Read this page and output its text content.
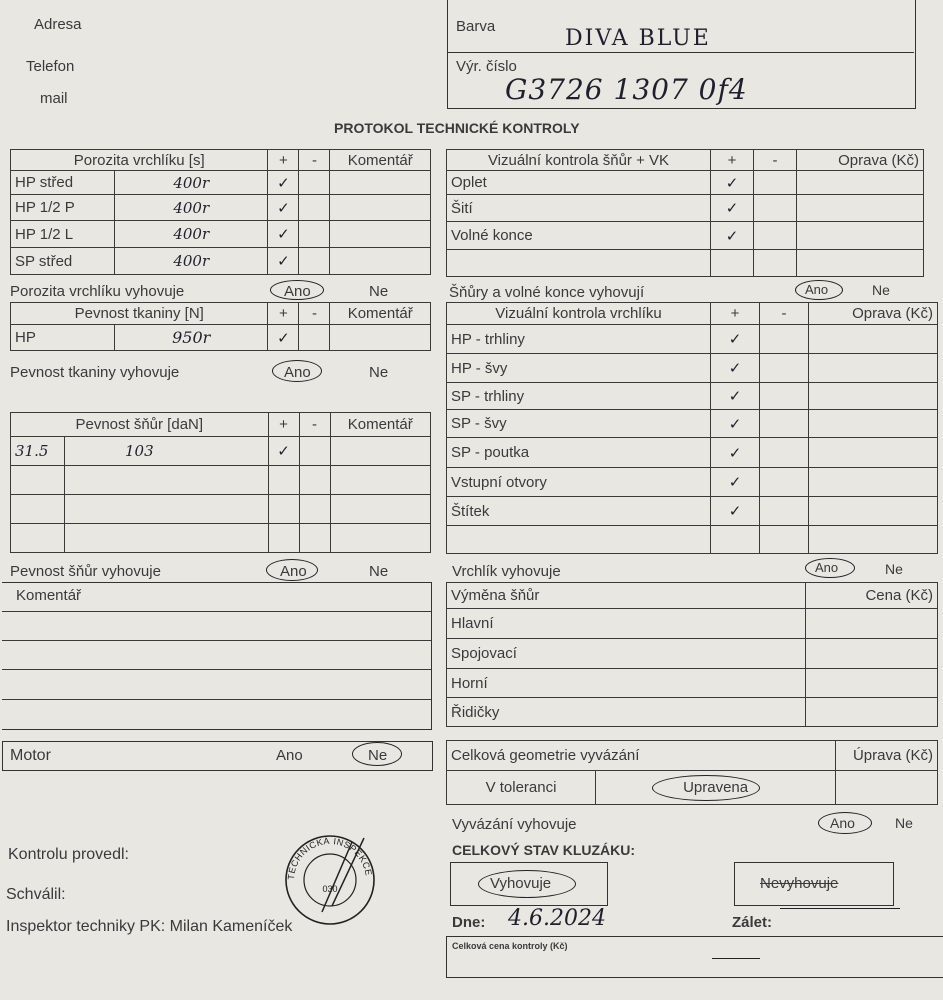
Adresa
Telefon
mail
Barva	DIVA BLUE
Výr. číslo
G3726 1307 0f4
PROTOKOL TECHNICKÉ KONTROLY
Porozita vrchlíku [s]		+	-	Komentář
HP střed	400r	✓		
HP 1/2 P	400r	✓		
HP 1/2 L	400r	✓		
SP střed	400r	✓		
Porozita vrchlíku vyhovuje	Ano	Ne
Pevnost tkaniny [N]		+	-	Komentář
HP	950r	✓		
Pevnost tkaniny vyhovuje	Ano	Ne
Pevnost šňůr [daN]		+	-	Komentář
31.5	103	✓		

Pevnost šňůr vyhovuje	Ano	Ne
Komentář
Motor	Ano	Ne
Vizuální kontrola šňůr + VK	+	-	Oprava (Kč)
Oplet	✓		
Šití	✓		
Volné konce	✓		

Šňůry a volné konce vyhovují	Ano	Ne
Vizuální kontrola vrchlíku	+	-	Oprava (Kč)
HP - trhliny	✓		
HP - švy	✓		
SP - trhliny	✓		
SP - švy	✓		
SP - poutka	✓		
Vstupní otvory	✓		
Štítek	✓		

Vrchlík vyhovuje	Ano	Ne
Výměna šňůr	Cena (Kč)
Hlavní	
Spojovací	
Horní	
Řidičky	
Celková geometrie vyvázání		Úprava (Kč)
V toleranci	Upravena	
Vyvázání vyhovuje	Ano	Ne
CELKOVÝ STAV KLUZÁKU:
Vyhovuje	Nevyhovuje
Kontrolu provedl:
Schválil:
Inspektor techniky PK: Milan Kameníček	Dne: 4.6.2024	Zálet:
Celková cena kontroly (Kč)
TECHNICKÁ INSPEKCE
030
